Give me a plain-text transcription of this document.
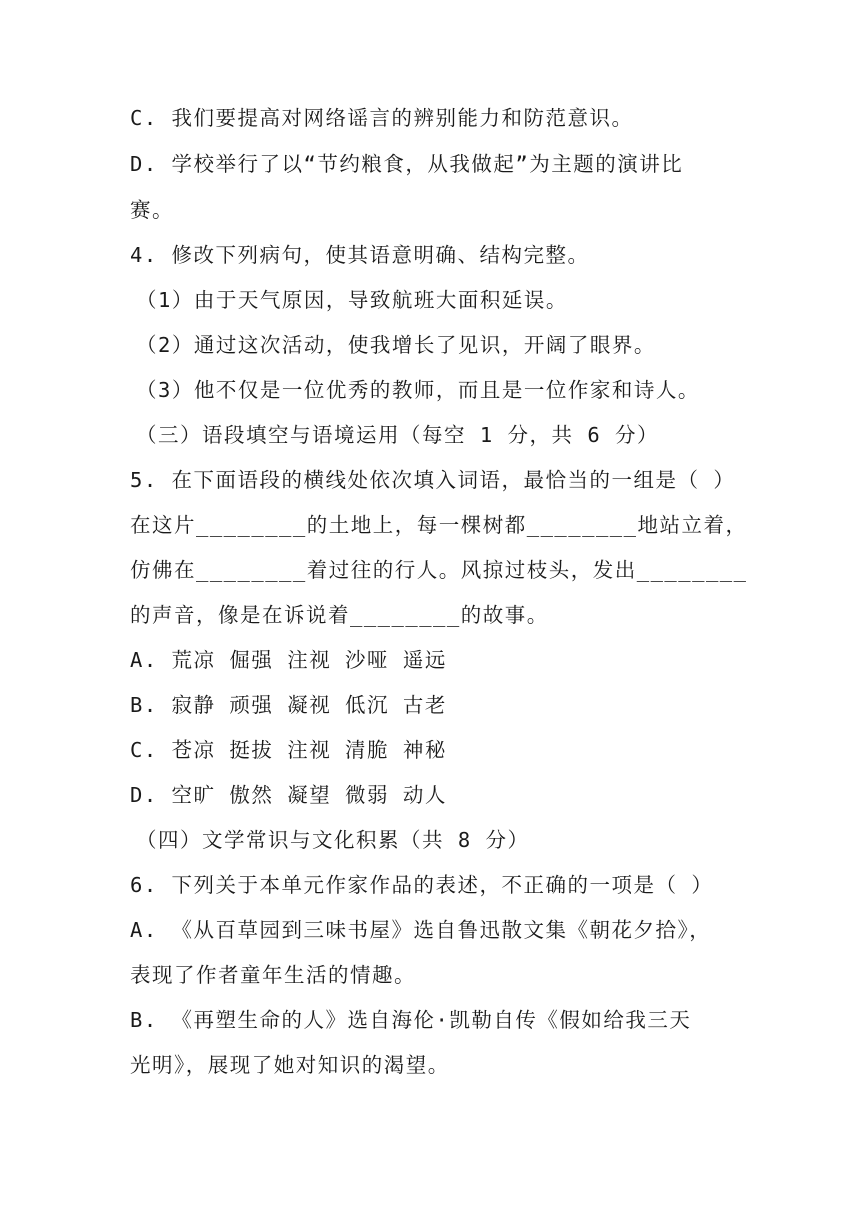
C. 我们要提高对网络谣言的辨别能力和防范意识。
D. 学校举行了以“节约粮食，从我做起”为主题的演讲比
赛。
4. 修改下列病句，使其语意明确、结构完整。
（1）由于天气原因，导致航班大面积延误。
（2）通过这次活动，使我增长了见识，开阔了眼界。
（3）他不仅是一位优秀的教师，而且是一位作家和诗人。
（三）语段填空与语境运用（每空 1 分，共 6 分）
5. 在下面语段的横线处依次填入词语，最恰当的一组是（ ）
在这片________的土地上，每一棵树都________地站立着，
仿佛在________着过往的行人。风掠过枝头，发出________
的声音，像是在诉说着________的故事。
A. 荒凉 倔强 注视 沙哑 遥远
B. 寂静 顽强 凝视 低沉 古老
C. 苍凉 挺拔 注视 清脆 神秘
D. 空旷 傲然 凝望 微弱 动人
（四）文学常识与文化积累（共 8 分）
6. 下列关于本单元作家作品的表述，不正确的一项是（ ）
A. 《从百草园到三味书屋》选自鲁迅散文集《朝花夕拾》，
表现了作者童年生活的情趣。
B. 《再塑生命的人》选自海伦·凯勒自传《假如给我三天
光明》，展现了她对知识的渴望。
